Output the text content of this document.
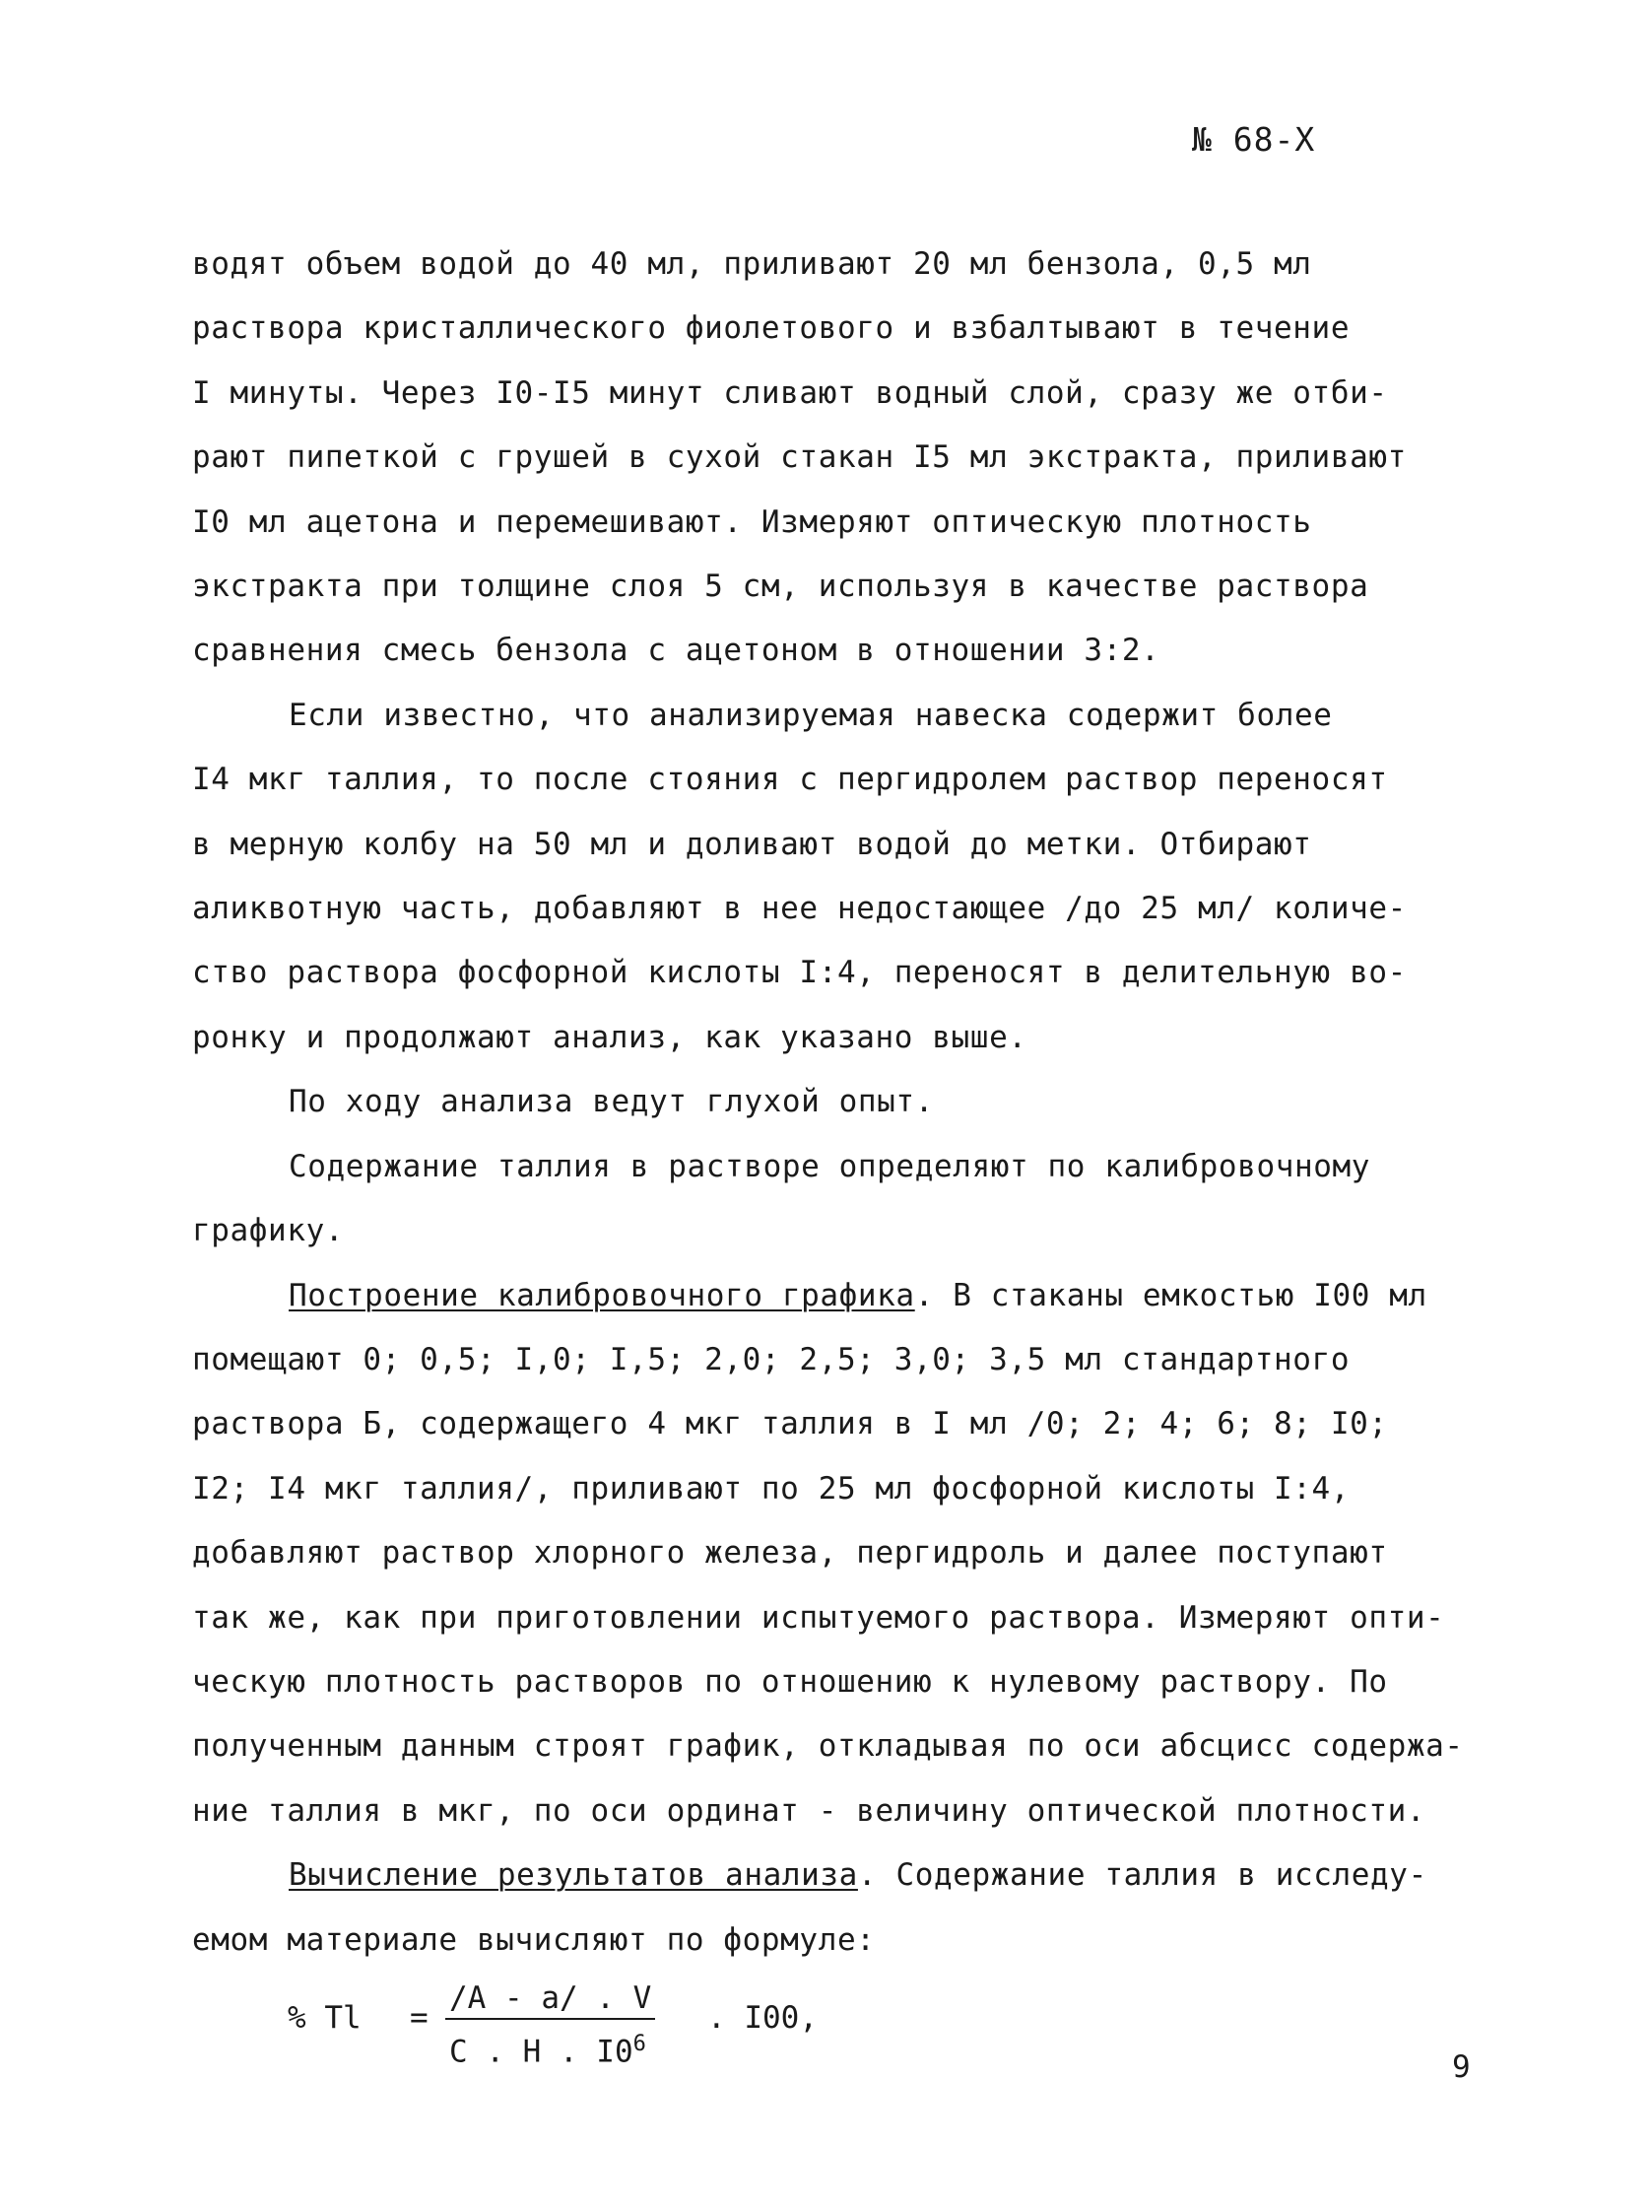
№ 68-Х

водят объем водой до 40 мл, приливают 20 мл бензола, 0,5 мл
раствора кристаллического фиолетового и взбалтывают в течение
I минуты. Через I0-I5 минут сливают водный слой, сразу же отби-
рают пипеткой с грушей в сухой стакан I5 мл экстракта, приливают
I0 мл ацетона и перемешивают. Измеряют оптическую плотность
экстракта при толщине слоя 5 см, используя в качестве раствора
сравнения смесь бензола с ацетоном в отношении 3:2.

Если известно, что анализируемая навеска содержит более
I4 мкг таллия, то после стояния с пергидролем раствор переносят
в мерную колбу на 50 мл и доливают водой до метки. Отбирают
аликвотную часть, добавляют в нее недостающее /до 25 мл/ количе-
ство раствора фосфорной кислоты I:4, переносят в делительную во-
ронку и продолжают анализ, как указано выше.

По ходу анализа ведут глухой опыт.

Содержание таллия в растворе определяют по калибровочному
графику.

Построение калибровочного графика. В стаканы емкостью I00 мл
помещают 0; 0,5; I,0; I,5; 2,0; 2,5; 3,0; 3,5 мл стандартного
раствора Б, содержащего 4 мкг таллия в I мл /0; 2; 4; 6; 8; I0;
I2; I4 мкг таллия/, приливают по 25 мл фосфорной кислоты I:4,
добавляют раствор хлорного железа, пергидроль и далее поступают
так же, как при приготовлении испытуемого раствора. Измеряют опти-
ческую плотность растворов по отношению к нулевому раствору. По
полученным данным строят график, откладывая по оси абсцисс содержа-
ние таллия в мкг, по оси ординат - величину оптической плотности.

Вычисление результатов анализа. Содержание таллия в исследу-
емом материале вычисляют по формуле:

% Tl =
/A - a/ . V
C . H . $I0^6$
. I00,
9
